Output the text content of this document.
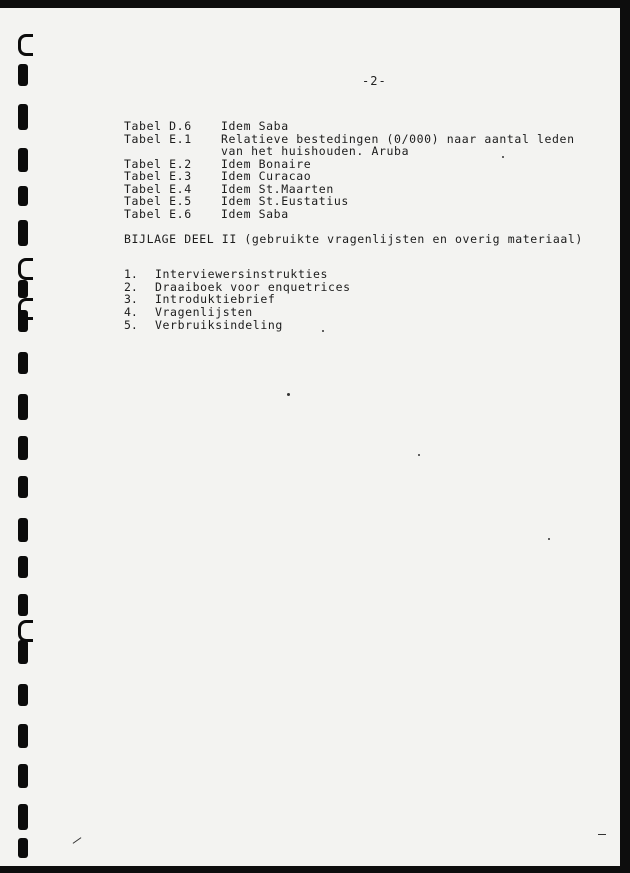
-2-
Tabel D.6	Idem Saba
Tabel E.1	Relatieve bestedingen (0/000) naar aantal leden
van het huishouden. Aruba
Tabel E.2	Idem Bonaire
Tabel E.3	Idem Curacao
Tabel E.4	Idem St.Maarten
Tabel E.5	Idem St.Eustatius
Tabel E.6	Idem Saba
BIJLAGE DEEL II (gebruikte vragenlijsten en overig materiaal)
1. Interviewersinstrukties
2. Draaiboek voor enquetrices
3. Introduktiebrief
4. Vragenlijsten
5. Verbruiksindeling
